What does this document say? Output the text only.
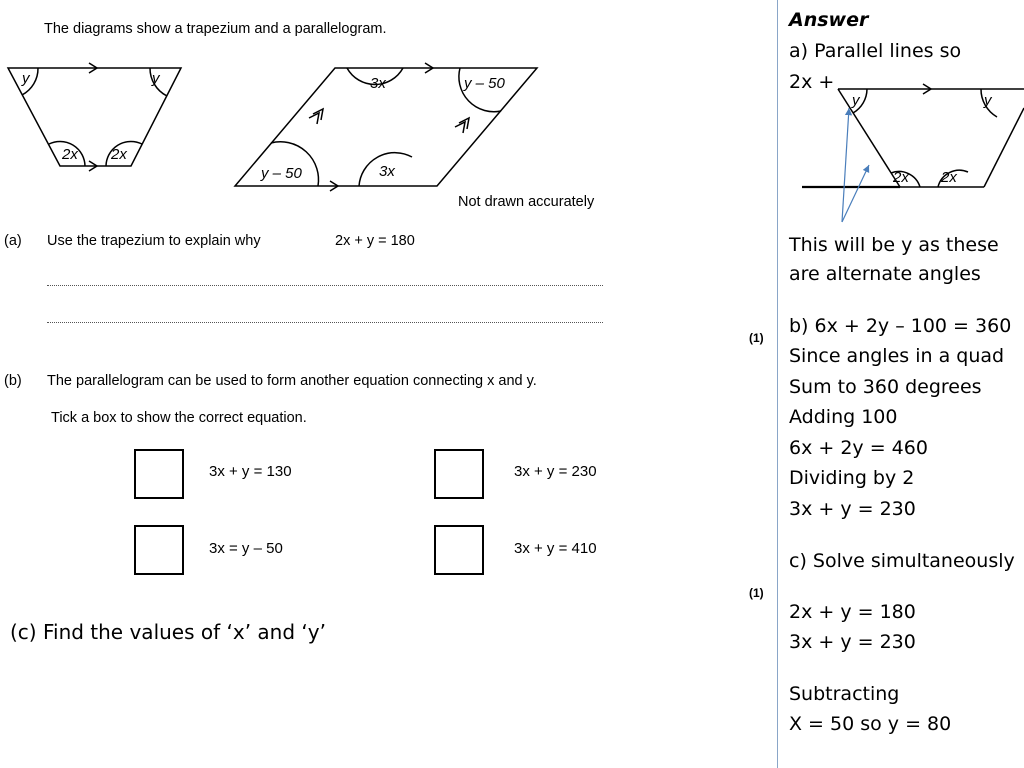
The diagrams show a trapezium and a parallelogram.
y	y
2x 2x
3x	y – 50
y – 50	3x
Not drawn accurately
(a) Use the trapezium to explain why	2x + y = 180
(1)
(b) The parallelogram can be used to form another equation connecting x and y.
Tick a box to show the correct equation.
3x + y = 130	3x + y = 230
3x = y – 50	3x + y = 410
(1)
(c) Find the values of ‘x’ and ‘y’
Answer
a) Parallel lines so
2x +
y	y
2x 2x
This will be y as these
are alternate angles
b) 6x + 2y – 100 = 360
Since angles in a quad
Sum to 360 degrees
Adding 100
6x + 2y = 460
Dividing by 2
3x + y = 230
c) Solve simultaneously
2x + y = 180
3x + y = 230
Subtracting
X = 50 so y = 80
